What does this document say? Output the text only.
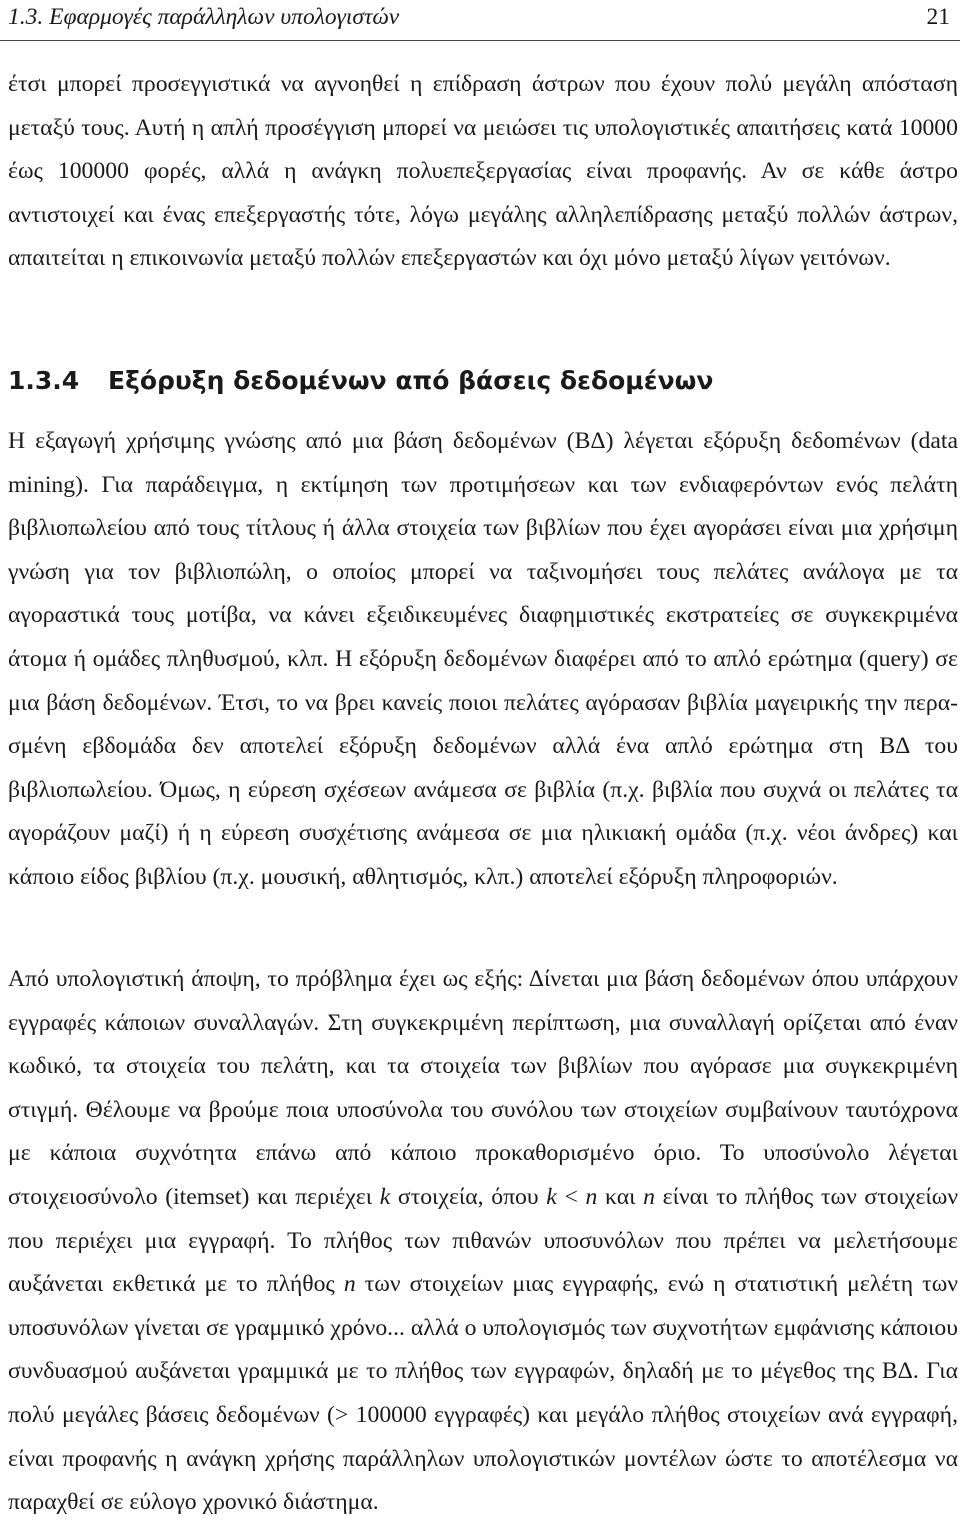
1.3. Εφαρμογές παράλληλων υπολογιστών	21

έτσι μπορεί προσεγγιστικά να αγνοηθεί η επίδραση άστρων που έχουν πολύ μεγάλη απόσταση μεταξύ τους. Αυτή η απλή προσέγγιση μπορεί να μειώσει τις υπολογιστικές απαιτήσεις κατά 10000 έως 100000 φορές, αλλά η ανάγκη πολυεπεξεργασίας είναι προφανής. Αν σε κάθε άστρο αντιστοιχεί και ένας επεξεργαστής τότε, λόγω μεγάλης αλληλεπίδρασης μεταξύ πολλών άστρων, απαιτείται η επικοινωνία μεταξύ πολλών επεξεργαστών και όχι μόνο μεταξύ λίγων γειτόνων.

1.3.4 Εξόρυξη δεδομένων από βάσεις δεδομένων

Η εξαγωγή χρήσιμης γνώσης από μια βάση δεδομένων (ΒΔ) λέγεται εξόρυξη δεδοmένων (data mining). Για παράδειγμα, η εκτίμηση των προτιμήσεων και των ενδιαφερόντων ενός πελάτη βιβλιοπωλείου από τους τίτλους ή άλλα στοιχεία των βιβλίων που έχει αγοράσει είναι μια χρήσιμη γνώση για τον βιβλιοπώλη, ο οποίος μπορεί να ταξινομήσει τους πελάτες ανάλογα με τα αγοραστικά τους μοτίβα, να κάνει εξειδικευμένες διαφημιστικές εκστρατείες σε συγκεκριμένα άτομα ή ομάδες πληθυσμού, κλπ. Η εξόρυξη δεδομένων διαφέρει από το απλό ερώτημα (query) σε μια βάση δεδομένων. Έτσι, το να βρει κανείς ποιοι πελάτες αγόρασαν βιβλία μαγειρικής την περασμένη εβδομάδα δεν αποτελεί εξόρυξη δεδομένων αλλά ένα απλό ερώτημα στη ΒΔ του βιβλιοπωλείου. Όμως, η εύρεση σχέσεων ανάμεσα σε βιβλία (π.χ. βιβλία που συχνά οι πελάτες τα αγοράζουν μαζί) ή η εύρεση συσχέτισης ανάμεσα σε μια ηλικιακή ομάδα (π.χ. νέοι άνδρες) και κάποιο είδος βιβλίου (π.χ. μουσική, αθλητισμός, κλπ.) αποτελεί εξόρυξη πληροφοριών.

Από υπολογιστική άποψη, το πρόβλημα έχει ως εξής: Δίνεται μια βάση δεδομένων όπου υπάρχουν εγγραφές κάποιων συναλλαγών. Στη συγκεκριμένη περίπτωση, μια συναλλαγή ορίζεται από έναν κωδικό, τα στοιχεία του πελάτη, και τα στοιχεία των βιβλίων που αγόρασε μια συγκεκριμένη στιγμή. Θέλουμε να βρούμε ποια υποσύνολα του συνόλου των στοιχείων συμβαίνουν ταυτόχρονα με κάποια συχνότητα επάνω από κάποιο προκαθορισμένο όριο. Το υποσύνολο λέγεται στοιχειοσύνολο (itemset) και περιέχει k στοιχεία, όπου k < n και n είναι το πλήθος των στοιχείων που περιέχει μια εγγραφή. Το πλήθος των πιθανών υποσυνόλων που πρέπει να μελετήσουμε αυξάνεται εκθετικά με το πλήθος n των στοιχείων μιας εγγραφής, ενώ η στατιστική μελέτη των υποσυνόλων γίνεται σε γραμμικό χρόνο... αλλά ο υπολογισμός των συχνοτήτων εμφάνισης κάποιου συνδυασμού αυξάνεται γραμμικά με το πλήθος των εγγραφών, δηλαδή με το μέγεθος της ΒΔ. Για πολύ μεγάλες βάσεις δεδομένων (> 100000 εγγραφές) και μεγάλο πλήθος στοιχείων ανά εγγραφή, είναι προφανής η ανάγκη χρήσης παράλληλων υπολογιστικών μοντέλων ώστε το αποτέλεσμα να παραχθεί σε εύλογο χρονικό διάστημα.
